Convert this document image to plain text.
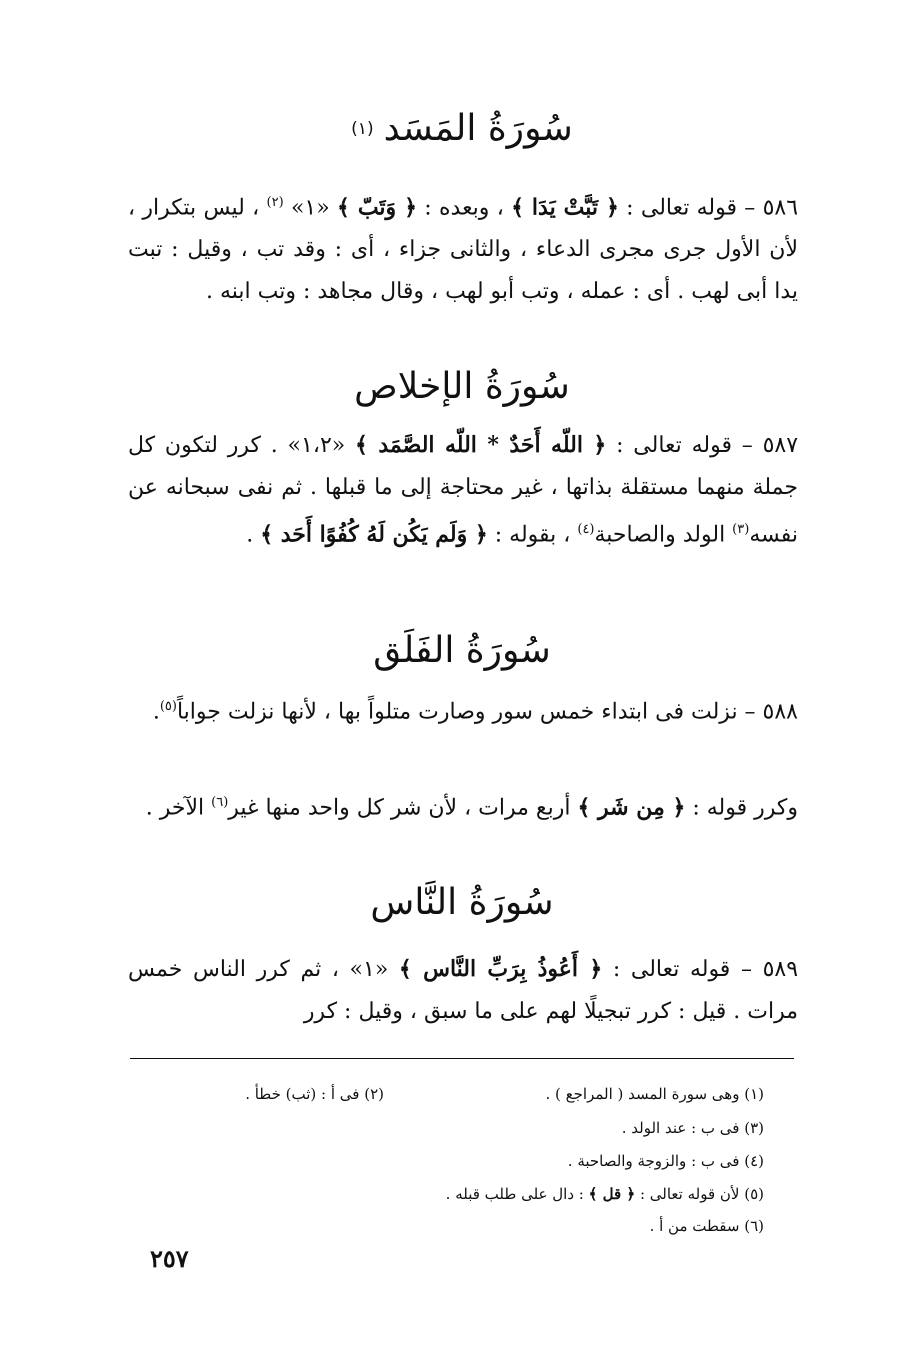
سُورَةُ المَسَد$^{(١)}$
٥٨٦ – قوله تعالى : ﴿ تَبَّتْ يَدَا ﴾ ، وبعده : ﴿ وَتَبّ ﴾ «١» $^{(٢)}$ ، ليس بتكرار ، لأن الأول جرى مجرى الدعاء ، والثانى جزاء ، أى : وقد تب ، وقيل : تبت يدا أبى لهب . أى : عمله ، وتب أبو لهب ، وقال مجاهد : وتب ابنه .
سُورَةُ الإخلاص
٥٨٧ – قوله تعالى : ﴿ اللّه أَحَدٌ * اللّه الصَّمَد ﴾ «١،٢» . كرر لتكون كل جملة منهما مستقلة بذاتها ، غير محتاجة إلى ما قبلها . ثم نفى سبحانه عن نفسه$^{(٣)}$ الولد والصاحبة$^{(٤)}$ ، بقوله : ﴿ وَلَم يَكُن لَهُ كُفُوًا أَحَد ﴾ .
سُورَةُ الفَلَق
٥٨٨ – نزلت فى ابتداء خمس سور وصارت متلواً بها ، لأنها نزلت جواباً$^{(٥)}$.
وكرر قوله : ﴿ مِن شَر ﴾ أربع مرات ، لأن شر كل واحد منها غير$^{(٦)}$ الآخر .
سُورَةُ النَّاس
٥٨٩ – قوله تعالى : ﴿ أَعُوذُ بِرَبِّ النَّاس ﴾ «١» ، ثم كرر الناس خمس مرات . قيل : كرر تبجيلًا لهم على ما سبق ، وقيل : كرر
(١) وهى سورة المسد ( المراجع ) .
(٢) فى أ : (ثب) خطأ .
(٣) فى ب : عند الولد .
(٤) فى ب : والزوجة والصاحبة .
(٥) لأن قوله تعالى : ﴿ قل ﴾ : دال على طلب قبله .
(٦) سقطت من أ .
٢٥٧
